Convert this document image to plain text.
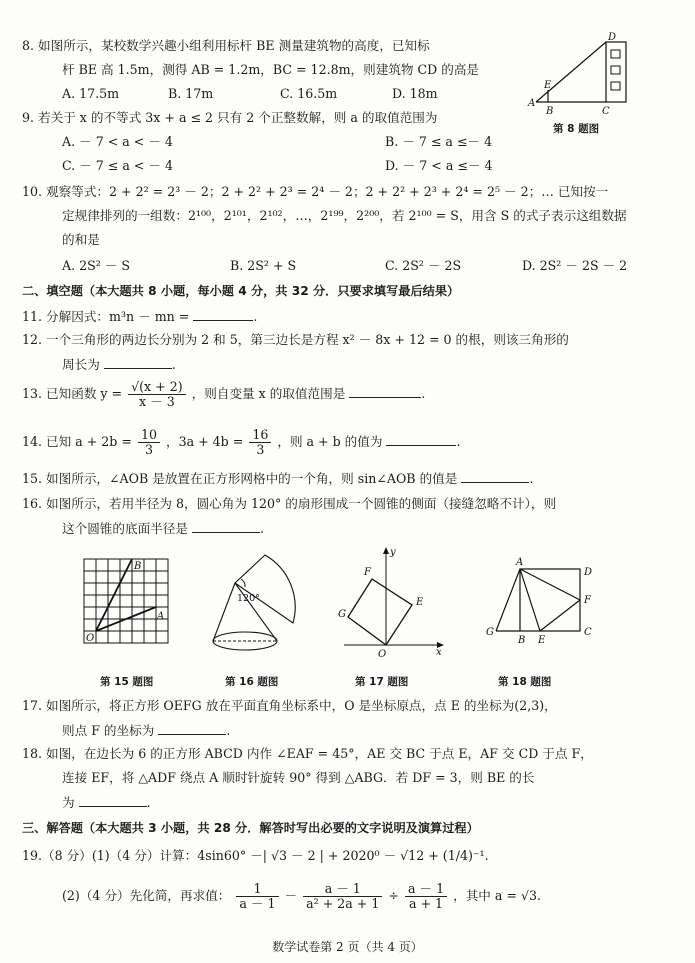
8. 如图所示，某校数学兴趣小组利用标杆 BE 测量建筑物的高度，已知标
杆 BE 高 1.5m，测得 AB = 1.2m，BC = 12.8m，则建筑物 CD 的高是
A. 17.5m	B. 17m	C. 16.5m	D. 18m
D
E
A
B	C
第 8 题图
9. 若关于 x 的不等式 3x + a ≤ 2 只有 2 个正整数解，则 a 的取值范围为
A. － 7 < a < － 4	B. － 7 ≤ a ≤－ 4
C. － 7 ≤ a < － 4	D. － 7 < a ≤－ 4
10. 观察等式：2 + 2² = 2³ － 2；2 + 2² + 2³ = 2⁴ － 2；2 + 2² + 2³ + 2⁴ = 2⁵ － 2；… 已知按一
定规律排列的一组数：2¹⁰⁰，2¹⁰¹，2¹⁰²，…，2¹⁹⁹，2²⁰⁰，若 2¹⁰⁰ = S，用含 S 的式子表示这组数据
的和是
A. 2S² － S	B. 2S² + S	C. 2S² － 2S	D. 2S² － 2S － 2
二、填空题（本大题共 8 小题，每小题 4 分，共 32 分．只要求填写最后结果）
11. 分解因式：m³n － mn =	.
12. 一个三角形的两边长分别为 2 和 5，第三边长是方程 x² － 8x + 12 = 0 的根，则该三角形的
周长为	.
13. 已知函数 $y = \frac{√(x + 2)}{x - 3}$ ，则自变量 x 的取值范围是	.
14. 已知 $a + 2b = \frac{10}{3}$ ，$3a + 4b = \frac{16}{3}$ ，则 a + b 的值为	.
15. 如图所示，∠AOB 是放置在正方形网格中的一个角，则 sin∠AOB 的值是	.
16. 如图所示，若用半径为 8，圆心角为 120° 的扇形围成一个圆锥的侧面（接缝忽略不计），则
这个圆锥的底面半径是	.
B
A
O
第 15 题图
120°
第 16 题图
y
x
O
E
F
G
第 17 题图
A
D
F
G
B E
C
第 18 题图
17. 如图所示，将正方形 OEFG 放在平面直角坐标系中，O 是坐标原点，点 E 的坐标为(2,3)，
则点 F 的坐标为	.
18. 如图，在边长为 6 的正方形 ABCD 内作 ∠EAF = 45°，AE 交 BC 于点 E，AF 交 CD 于点 F，
连接 EF，将 △ADF 绕点 A 顺时针旋转 90° 得到 △ABG．若 DF = 3，则 BE 的长
为	.
三、解答题（本大题共 3 小题，共 28 分．解答时写出必要的文字说明及演算过程）
19.（8 分）(1)（4 分）计算：4sin60° －| √3 － 2 | + 2020⁰ － √12 + (1/4)⁻¹.
(2)（4 分）先化简，再求值： $\frac{1}{a - 1} - \frac{a - 1}{\text{a² + 2a + 1}} \div \frac{a - 1}{a + 1}$ ，其中 a = √3.
数学试卷第 2 页（共 4 页）
